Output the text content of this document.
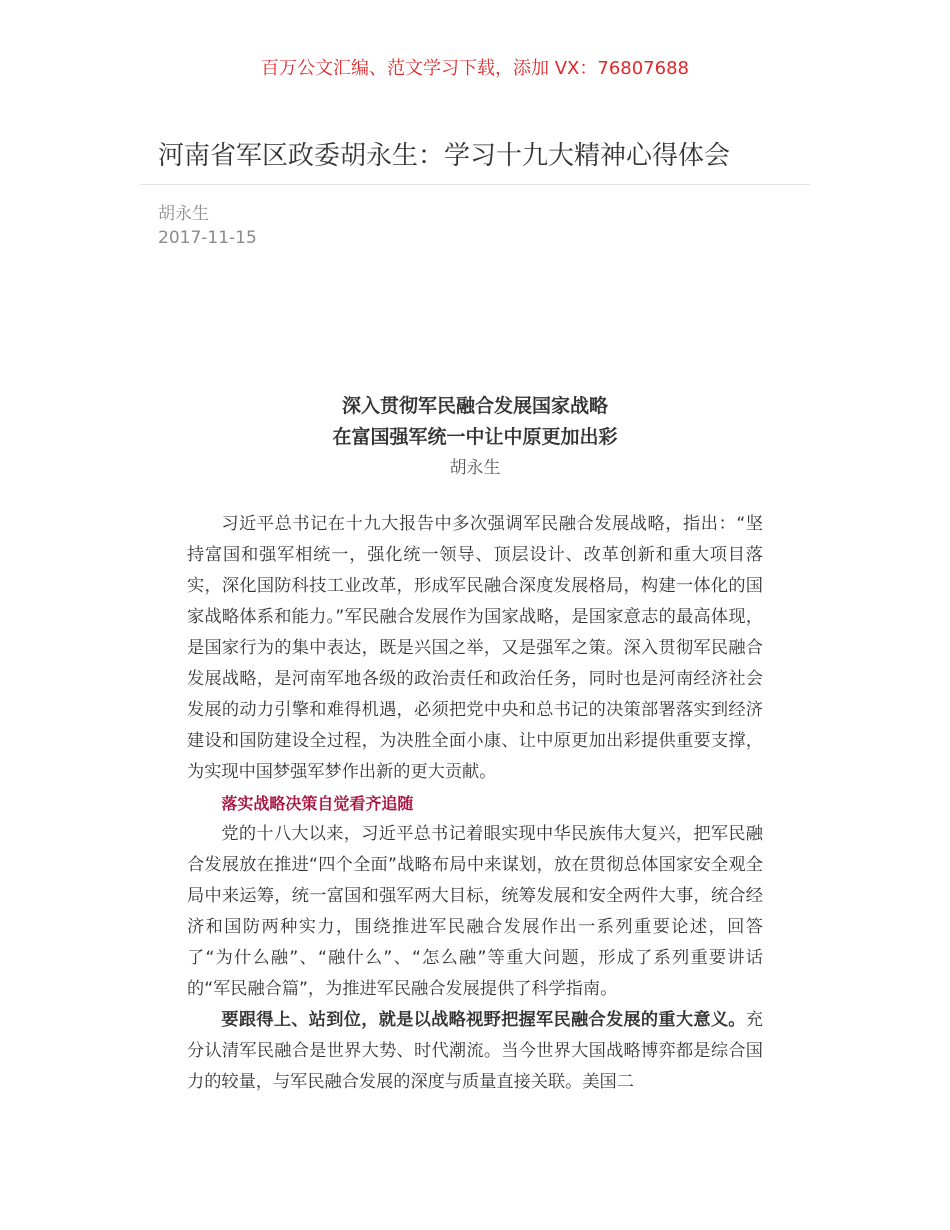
百万公文汇编、范文学习下载，添加 VX：76807688
河南省军区政委胡永生：学习十九大精神心得体会
胡永生
2017-11-15
深入贯彻军民融合发展国家战略
在富国强军统一中让中原更加出彩
胡永生

习近平总书记在十九大报告中多次强调军民融合发展战略，指出：“坚持富国和强军相统一，强化统一领导、顶层设计、改革创新和重大项目落实，深化国防科技工业改革，形成军民融合深度发展格局，构建一体化的国家战略体系和能力。”军民融合发展作为国家战略，是国家意志的最高体现，是国家行为的集中表达，既是兴国之举，又是强军之策。深入贯彻军民融合发展战略，是河南军地各级的政治责任和政治任务，同时也是河南经济社会发展的动力引擎和难得机遇，必须把党中央和总书记的决策部署落实到经济建设和国防建设全过程，为决胜全面小康、让中原更加出彩提供重要支撑，为实现中国梦强军梦作出新的更大贡献。

落实战略决策自觉看齐追随

党的十八大以来，习近平总书记着眼实现中华民族伟大复兴，把军民融合发展放在推进“四个全面”战略布局中来谋划，放在贯彻总体国家安全观全局中来运筹，统一富国和强军两大目标，统筹发展和安全两件大事，统合经济和国防两种实力，围绕推进军民融合发展作出一系列重要论述，回答了“为什么融”、“融什么”、“怎么融”等重大问题，形成了系列重要讲话的“军民融合篇”，为推进军民融合发展提供了科学指南。

要跟得上、站到位，就是以战略视野把握军民融合发展的重大意义。充分认清军民融合是世界大势、时代潮流。当今世界大国战略博弈都是综合国力的较量，与军民融合发展的深度与质量直接关联。美国二
